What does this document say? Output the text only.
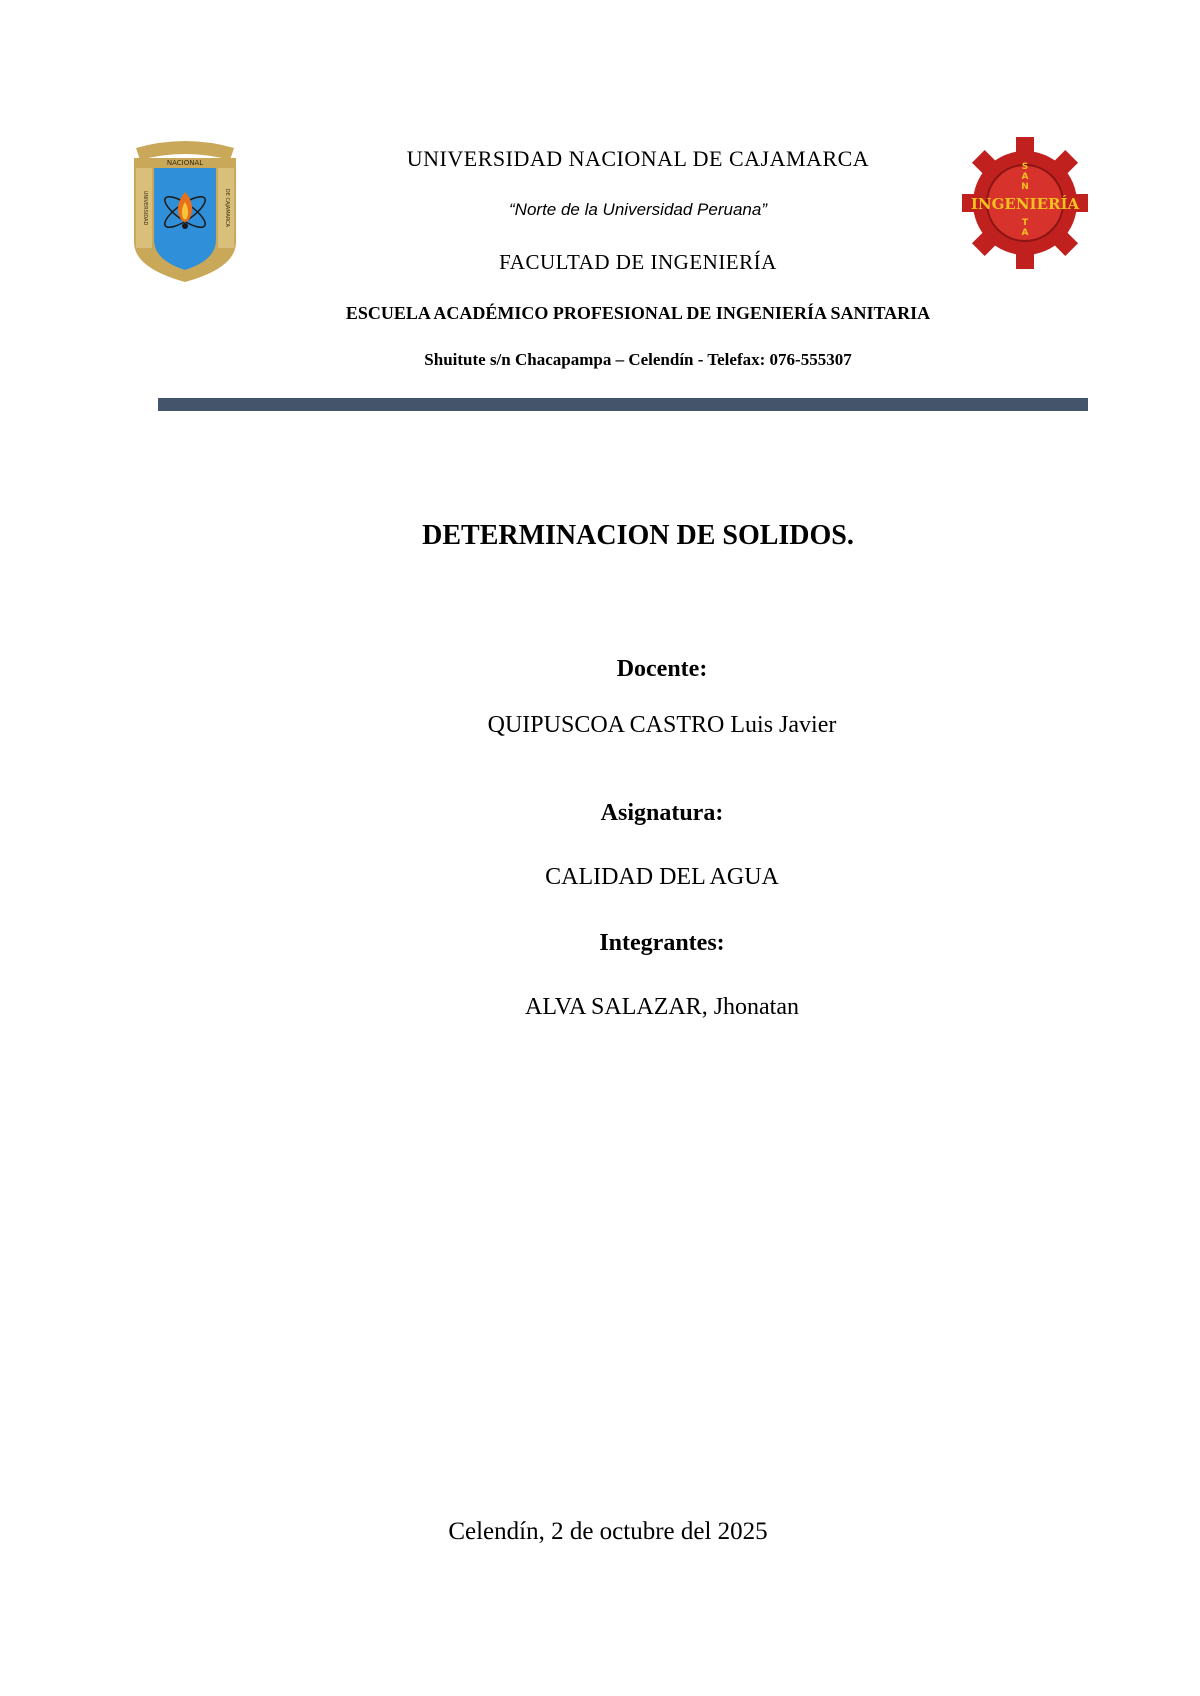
NACIONAL
UNIVERSIDAD	DE CAJAMARCA	INGENIERÍA
S
A
N
T
A
UNIVERSIDAD NACIONAL DE CAJAMARCA
“Norte de la Universidad Peruana”
FACULTAD DE INGENIERÍA
ESCUELA ACADÉMICO PROFESIONAL DE INGENIERÍA SANITARIA
Shuitute s/n Chacapampa – Celendín - Telefax: 076-555307
DETERMINACION DE SOLIDOS.
Docente:
QUIPUSCOA CASTRO Luis Javier
Asignatura:
CALIDAD DEL AGUA
Integrantes:
ALVA SALAZAR, Jhonatan
Celendín, 2 de octubre del 2025
